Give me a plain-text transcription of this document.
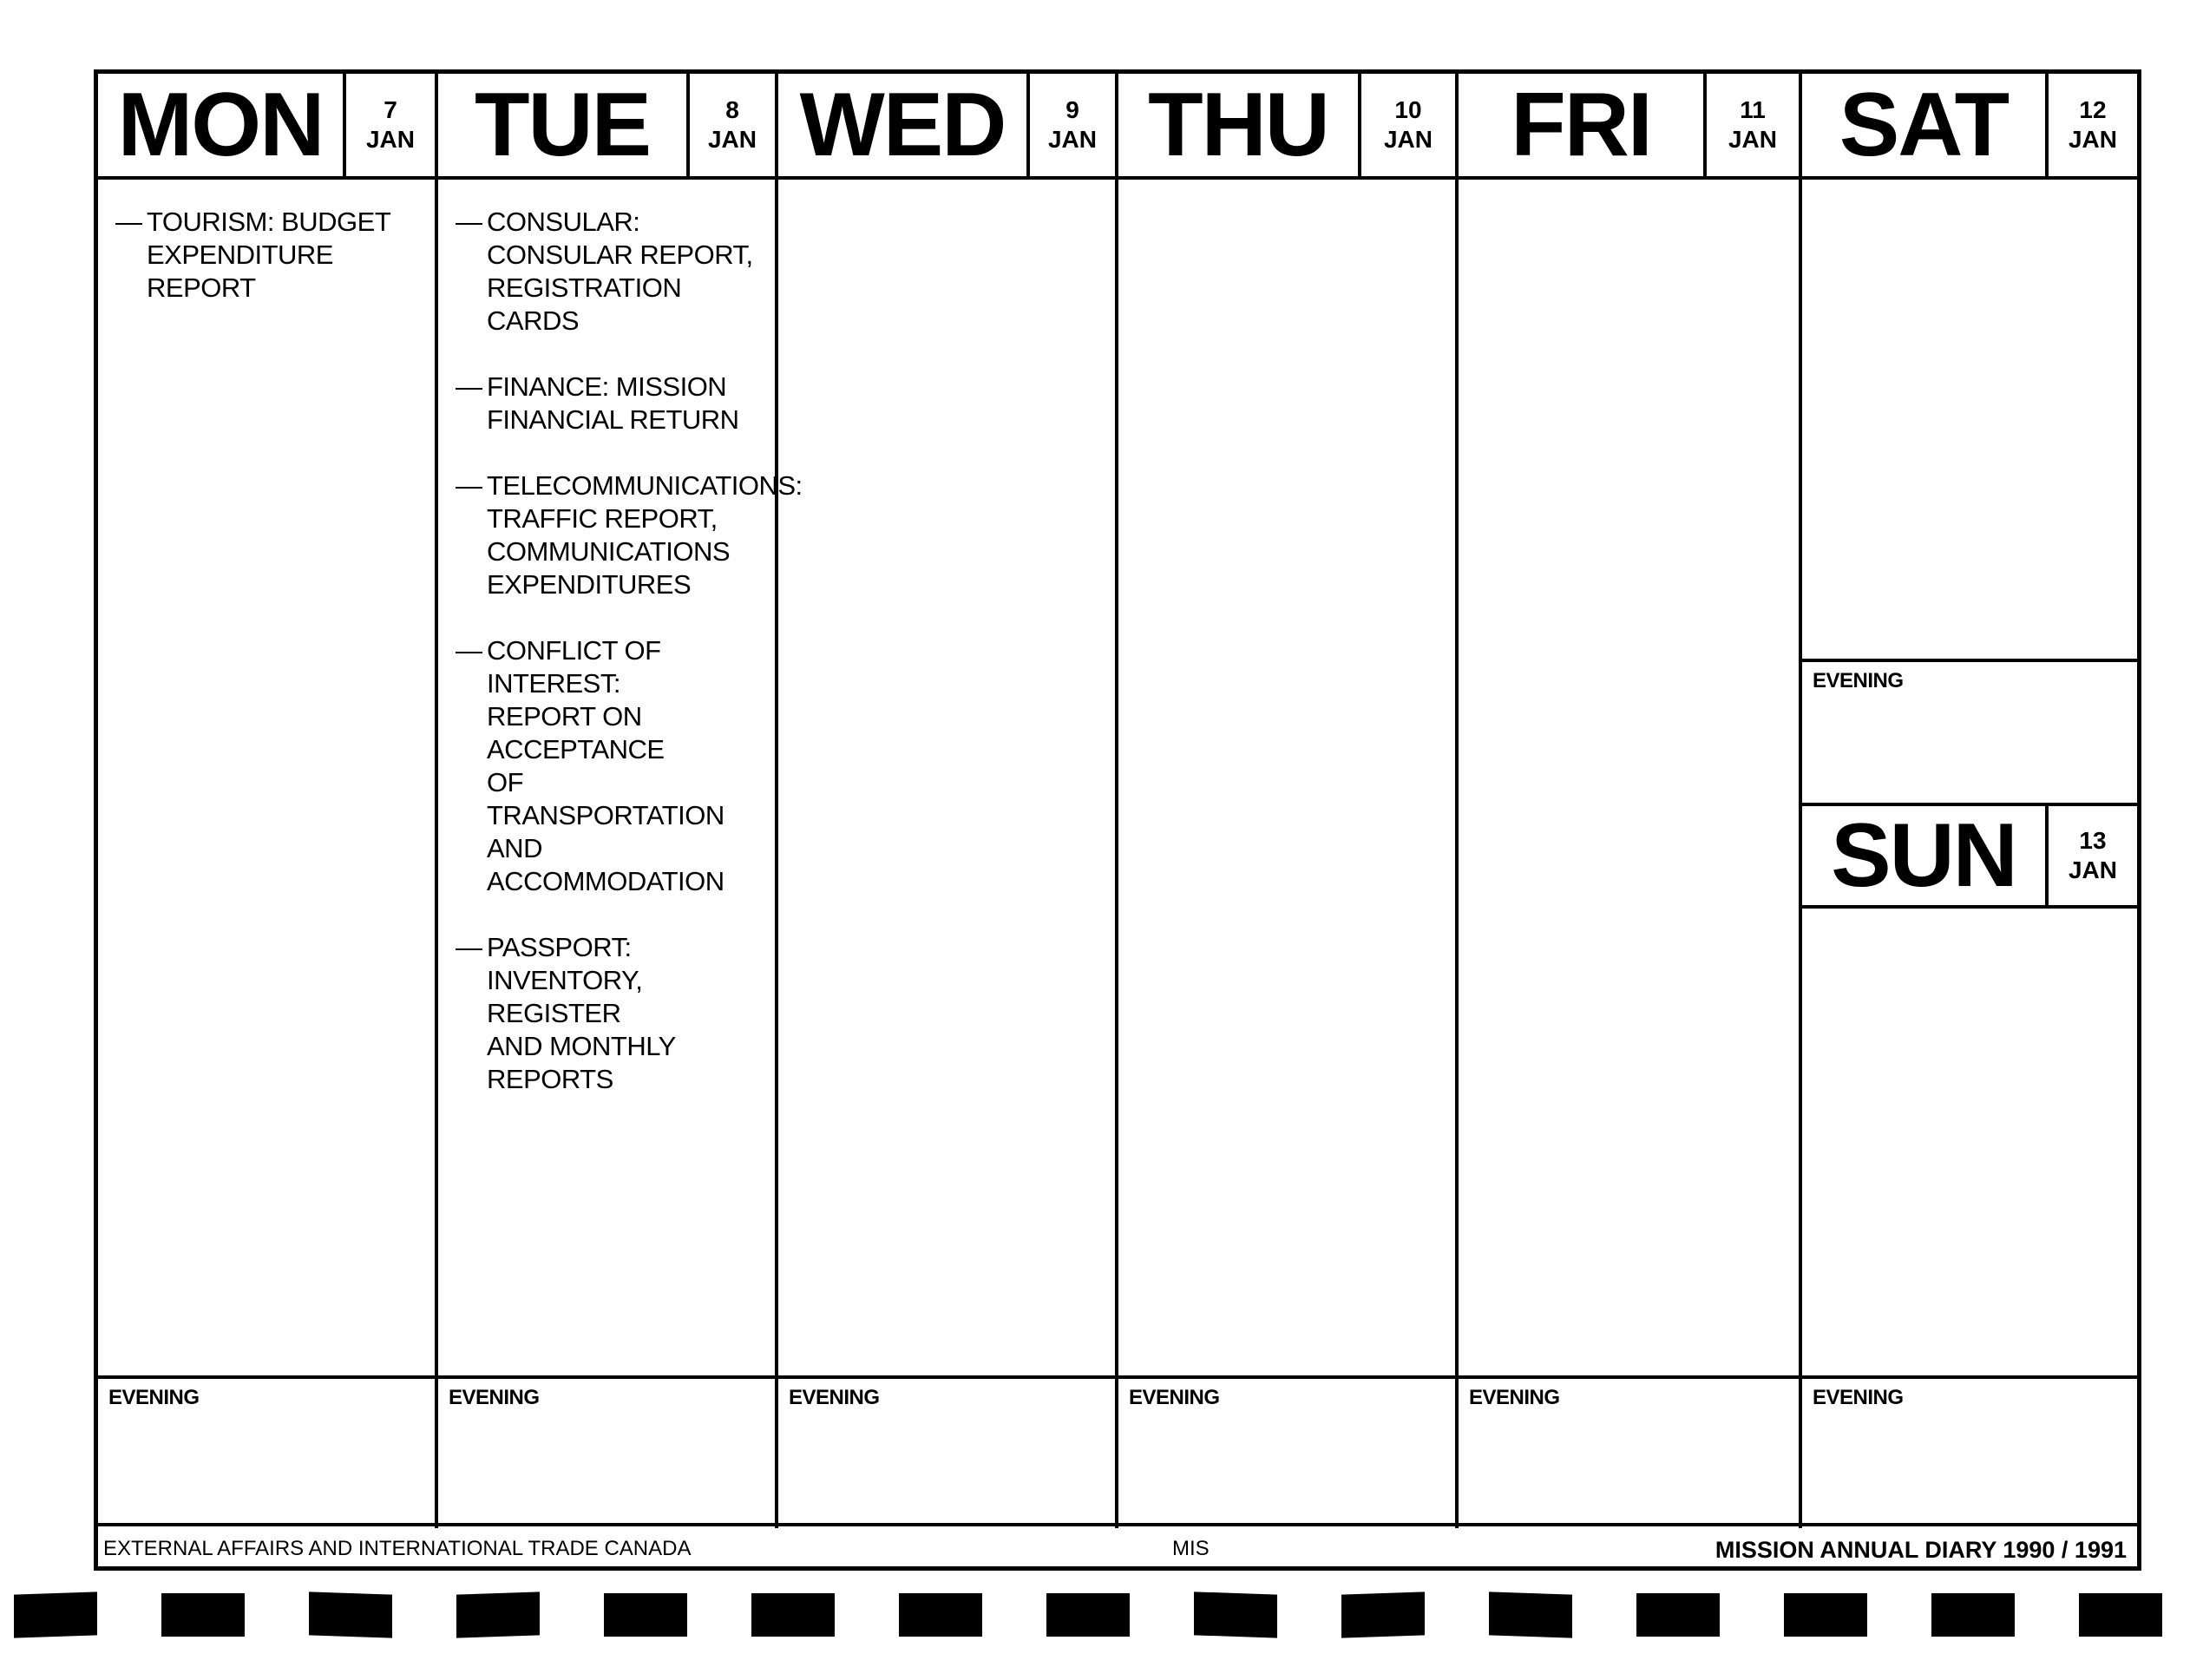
MON	7
JAN
— TOURISM: BUDGET
EXPENDITURE REPORT
EVENING
TUE	8
JAN
— CONSULAR:
CONSULAR REPORT,
REGISTRATION CARDS
— FINANCE: MISSION
FINANCIAL RETURN
— TELECOMMUNICATIONS:
TRAFFIC REPORT,
COMMUNICATIONS
EXPENDITURES
— CONFLICT OF INTEREST:
REPORT ON ACCEPTANCE
OF TRANSPORTATION
AND ACCOMMODATION
— PASSPORT:
INVENTORY, REGISTER
AND MONTHLY REPORTS
EVENING
WED	9
JAN
EVENING
THU	10
JAN
EVENING
FRI	11
JAN
EVENING
SAT	12
JAN
EVENING
SUN	13
JAN
EVENING
EXTERNAL AFFAIRS AND INTERNATIONAL TRADE CANADA	MIS	MISSION ANNUAL DIARY 1990 / 1991
